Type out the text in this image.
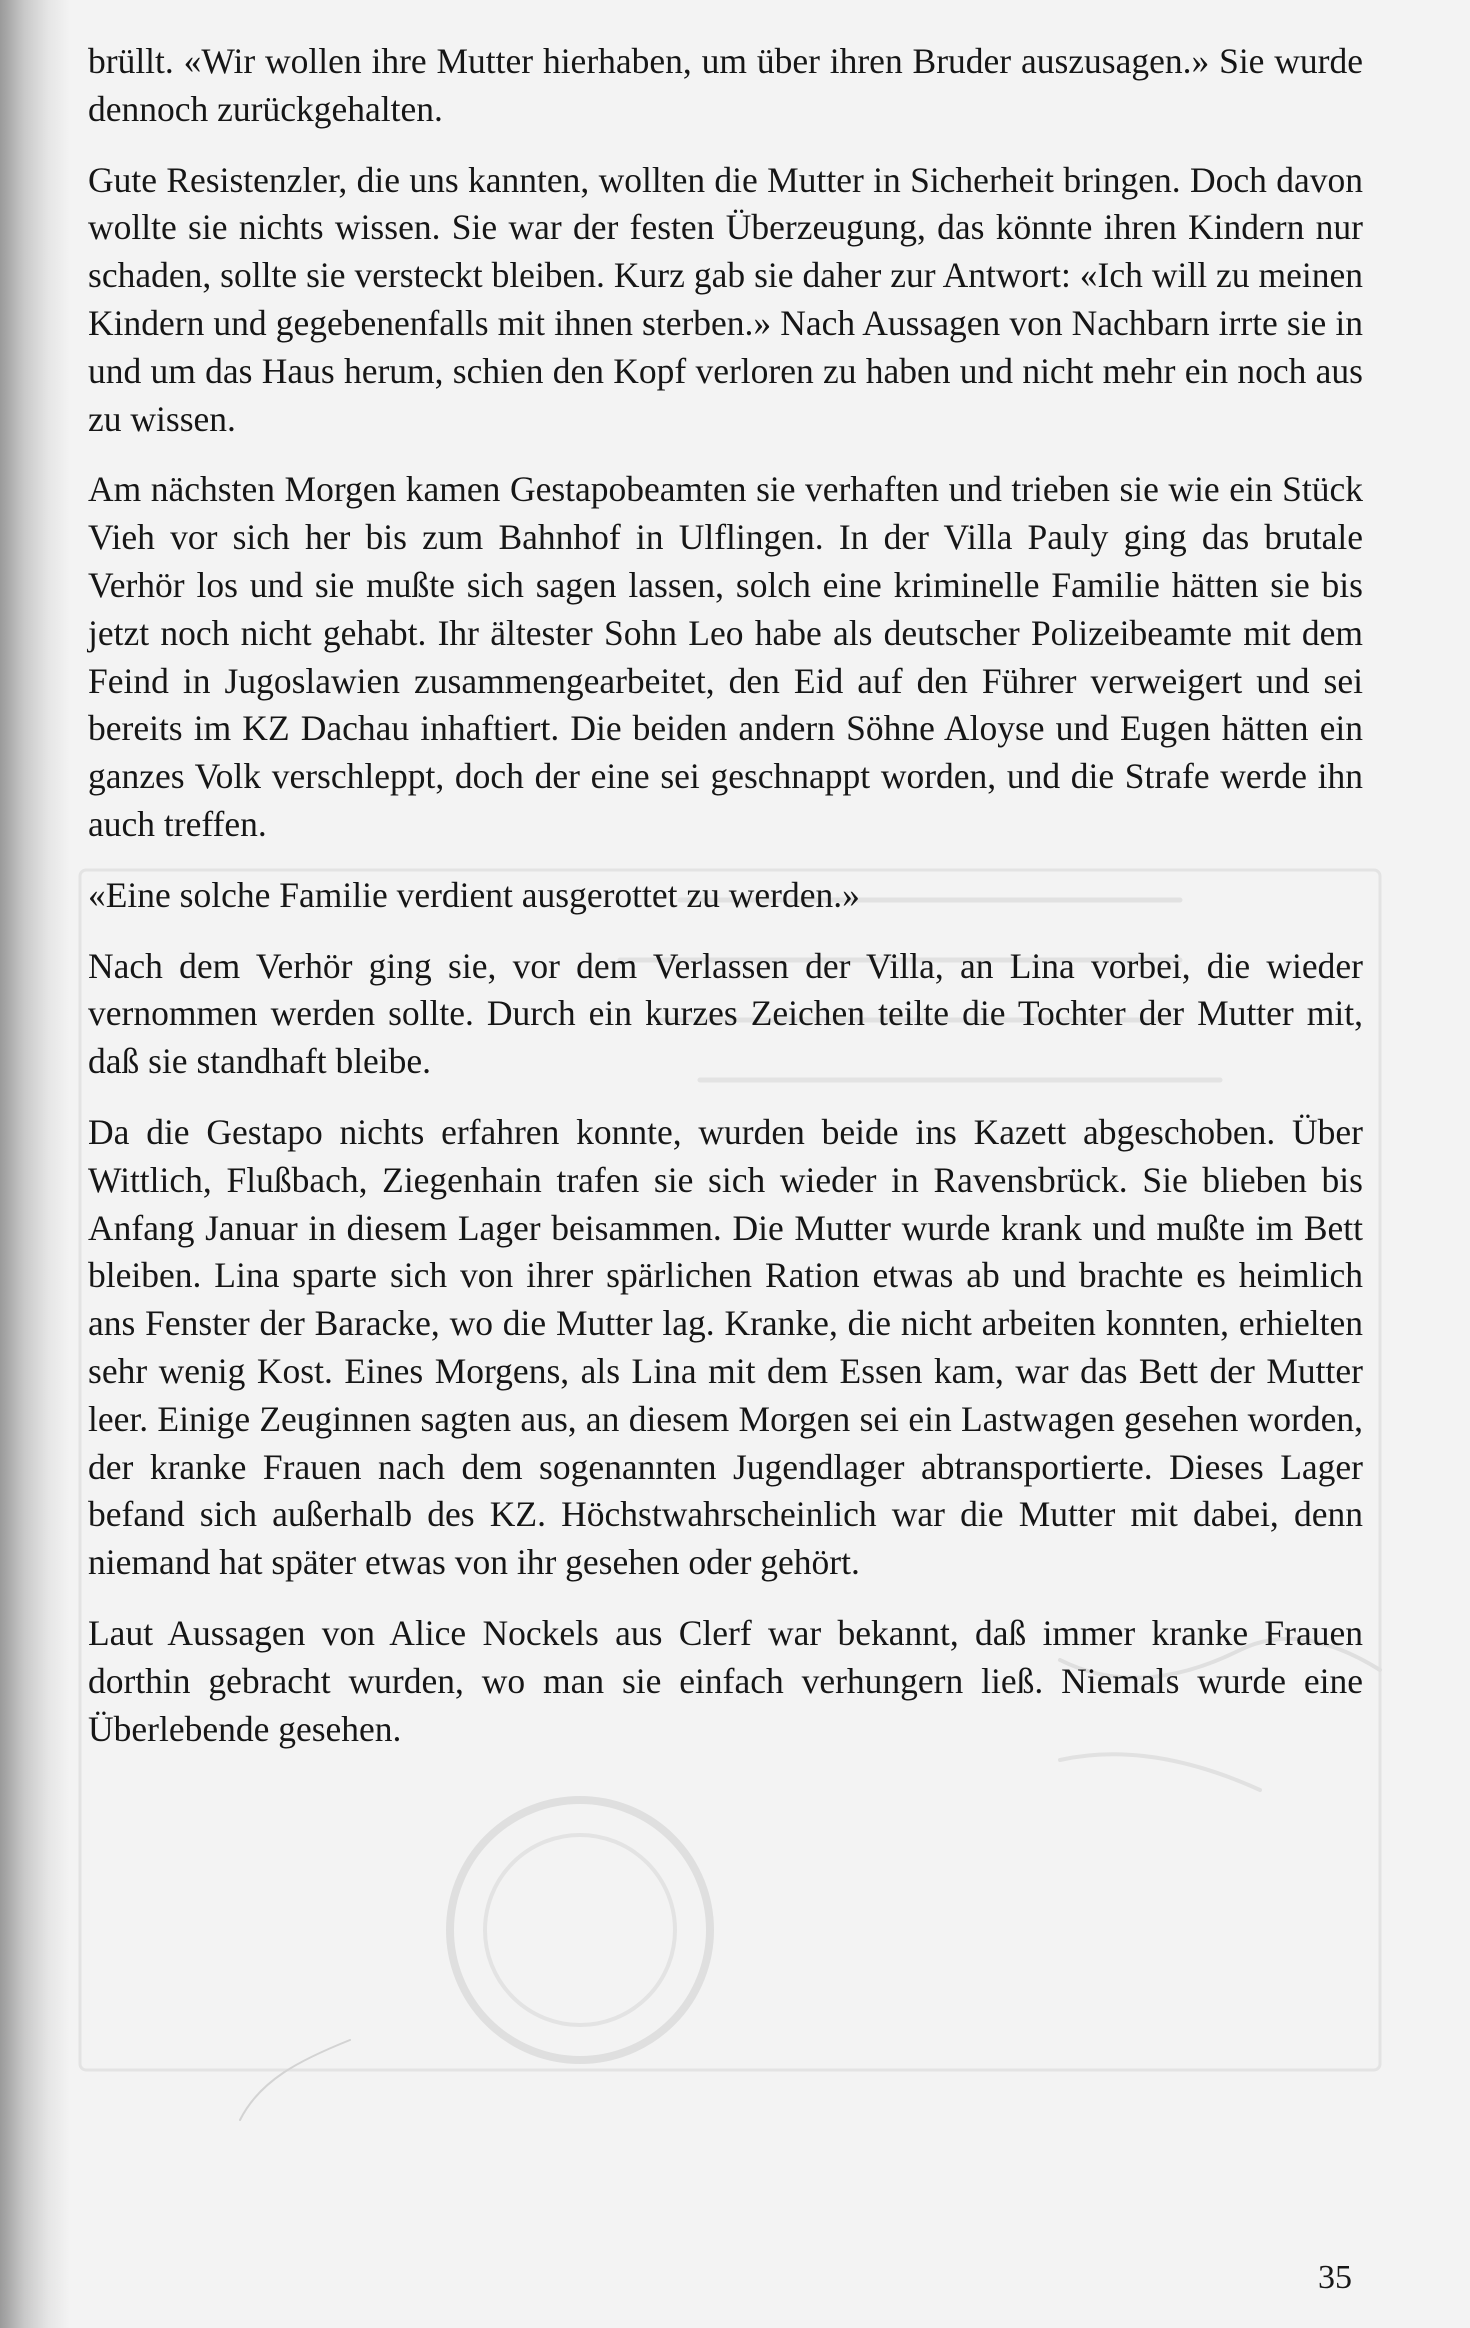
brüllt. «Wir wollen ihre Mutter hierhaben, um über ihren Bruder auszusagen.» Sie wurde dennoch zurückgehalten.

Gute Resistenzler, die uns kannten, wollten die Mutter in Sicherheit bringen. Doch davon wollte sie nichts wissen. Sie war der festen Überzeugung, das könnte ihren Kindern nur schaden, sollte sie versteckt bleiben. Kurz gab sie daher zur Antwort: «Ich will zu meinen Kindern und gegebenenfalls mit ihnen sterben.» Nach Aussagen von Nachbarn irrte sie in und um das Haus herum, schien den Kopf verloren zu haben und nicht mehr ein noch aus zu wissen.

Am nächsten Morgen kamen Gestapobeamten sie verhaften und trieben sie wie ein Stück Vieh vor sich her bis zum Bahnhof in Ulflingen. In der Villa Pauly ging das brutale Verhör los und sie mußte sich sagen lassen, solch eine kriminelle Familie hätten sie bis jetzt noch nicht gehabt. Ihr ältester Sohn Leo habe als deutscher Polizeibeamte mit dem Feind in Jugoslawien zusammengearbeitet, den Eid auf den Führer verweigert und sei bereits im KZ Dachau inhaftiert. Die beiden andern Söhne Aloyse und Eugen hätten ein ganzes Volk verschleppt, doch der eine sei geschnappt worden, und die Strafe werde ihn auch treffen.

«Eine solche Familie verdient ausgerottet zu werden.»

Nach dem Verhör ging sie, vor dem Verlassen der Villa, an Lina vorbei, die wieder vernommen werden sollte. Durch ein kurzes Zeichen teilte die Tochter der Mutter mit, daß sie standhaft bleibe.

Da die Gestapo nichts erfahren konnte, wurden beide ins Kazett abgeschoben. Über Wittlich, Flußbach, Ziegenhain trafen sie sich wieder in Ravensbrück. Sie blieben bis Anfang Januar in diesem Lager beisammen. Die Mutter wurde krank und mußte im Bett bleiben. Lina sparte sich von ihrer spärlichen Ration etwas ab und brachte es heimlich ans Fenster der Baracke, wo die Mutter lag. Kranke, die nicht arbeiten konnten, erhielten sehr wenig Kost. Eines Morgens, als Lina mit dem Essen kam, war das Bett der Mutter leer. Einige Zeuginnen sagten aus, an diesem Morgen sei ein Lastwagen gesehen worden, der kranke Frauen nach dem sogenannten Jugendlager abtransportierte. Dieses Lager befand sich außerhalb des KZ. Höchstwahrscheinlich war die Mutter mit dabei, denn niemand hat später etwas von ihr gesehen oder gehört.

Laut Aussagen von Alice Nockels aus Clerf war bekannt, daß immer kranke Frauen dorthin gebracht wurden, wo man sie einfach verhungern ließ. Niemals wurde eine Überlebende gesehen.

35
